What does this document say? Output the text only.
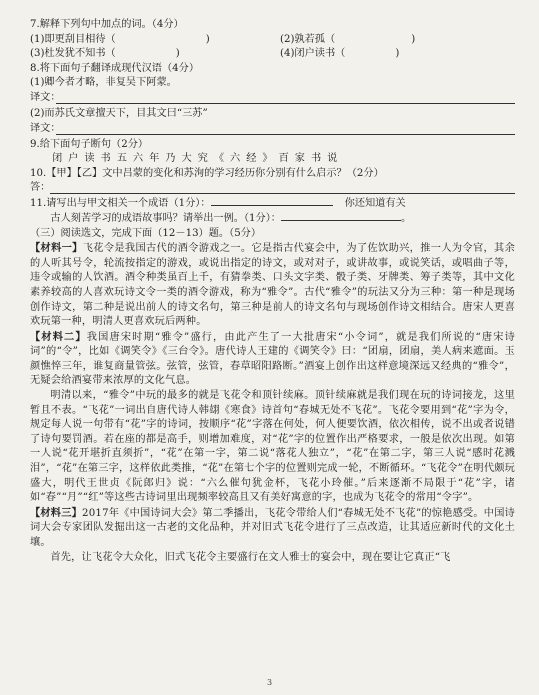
7.解释下列句中加点的词。（4分）
(1)即更刮目相待（	)	(2)孰若孤（	)
(3)杜发犹不知书（	)	(4)闭户读书（	)
8.将下面句子翻译成现代汉语（4分）
(1)卿今者才略，非复吴下阿蒙。
译文：
(2)而苏氏文章擅天下，目其文曰“三苏”
译文：
9.给下面句子断句（2分）
闭户读书五六年乃大究《六经》百家书说
10.【甲】【乙】文中吕蒙的变化和苏洵的学习经历你分别有什么启示？（2分）
答：
11.请写出与甲文相关一个成语（1分）：	你还知道有关
古人刻苦学习的成语故事吗？请举出一例。（1分）：	。
（三）阅读选文，完成下面（12－13）题。（5分）
【材料一】飞花令是我国古代的酒令游戏之一。它是指古代宴会中，为了佐饮助兴，推一人为令官，其余的人听其号令，轮流按指定的游戏，或说出指定的诗文，或对对子，或讲故事，或说笑话，或唱曲子等，违令或输的人饮酒。酒令种类虽百上千，有猜拳类、口头文字类、骰子类、牙牌类、筹子类等，其中文化素养较高的人喜欢玩诗文令一类的酒令游戏，称为“雅令”。古代“雅令”的玩法又分为三种：第一种是现场创作诗文，第二种是说出前人的诗文名句，第三种是前人的诗文名句与现场创作诗文相结合。唐宋人更喜欢玩第一种，明清人更喜欢玩后两种。
【材料二】我国唐宋时期“雅令”盛行，由此产生了一大批唐宋“小令词”，就是我们所说的“唐宋诗词”的“令”，比如《调笑令》《三台令》。唐代诗人王建的《调笑令》曰：“团扇，团扇，美人病来遮面。玉颜憔悴三年，谁复商量管弦。弦管，弦管，春草昭阳路断。”酒宴上创作出这样意境深远又经典的“雅令”，无疑会给酒宴带来浓厚的文化气息。
明清以来，“雅令”中玩的最多的就是飞花令和顶针续麻。顶针续麻就是我们现在玩的诗词接龙，这里暂且不表。“飞花”一词出自唐代诗人韩翃《寒食》诗首句“春城无处不飞花”。飞花令要用到“花”字为令，规定每人说一句带有“花”字的诗词，按顺序“花”字落在何处，何人便要饮酒，依次相传，说不出或者说错了诗句要罚酒。若在座的都是高手，则增加难度，对“花”字的位置作出严格要求，一般是依次出现。如第一人说“花开堪折直须折”，“花”在第一字，第二说“落花人独立”，“花”在第二字，第三人说“感时花溅泪”，“花”在第三字，这样依此类推，“花”在第七个字的位置则完成一轮，不断循环。“飞花令”在明代颇玩盛大，明代王世贞《阮郎归》说：“六么催句犹金杯，飞花小玲催。”后来逐渐不局限于“花”字，诸如“春”“月”“红”等这些古诗词里出现频率较高且又有美好寓意的字，也成为飞花令的常用“令字”。
【材料三】2017年《中国诗词大会》第二季播出，飞花令带给人们“春城无处不飞花”的惊艳感受。中国诗词大会专家团队发掘出这一古老的文化品种，并对旧式飞花令进行了三点改造，让其适应新时代的文化土壤。
首先，让飞花令大众化，旧式飞花令主要盛行在文人雅士的宴会中，现在要让它真正“飞
3
